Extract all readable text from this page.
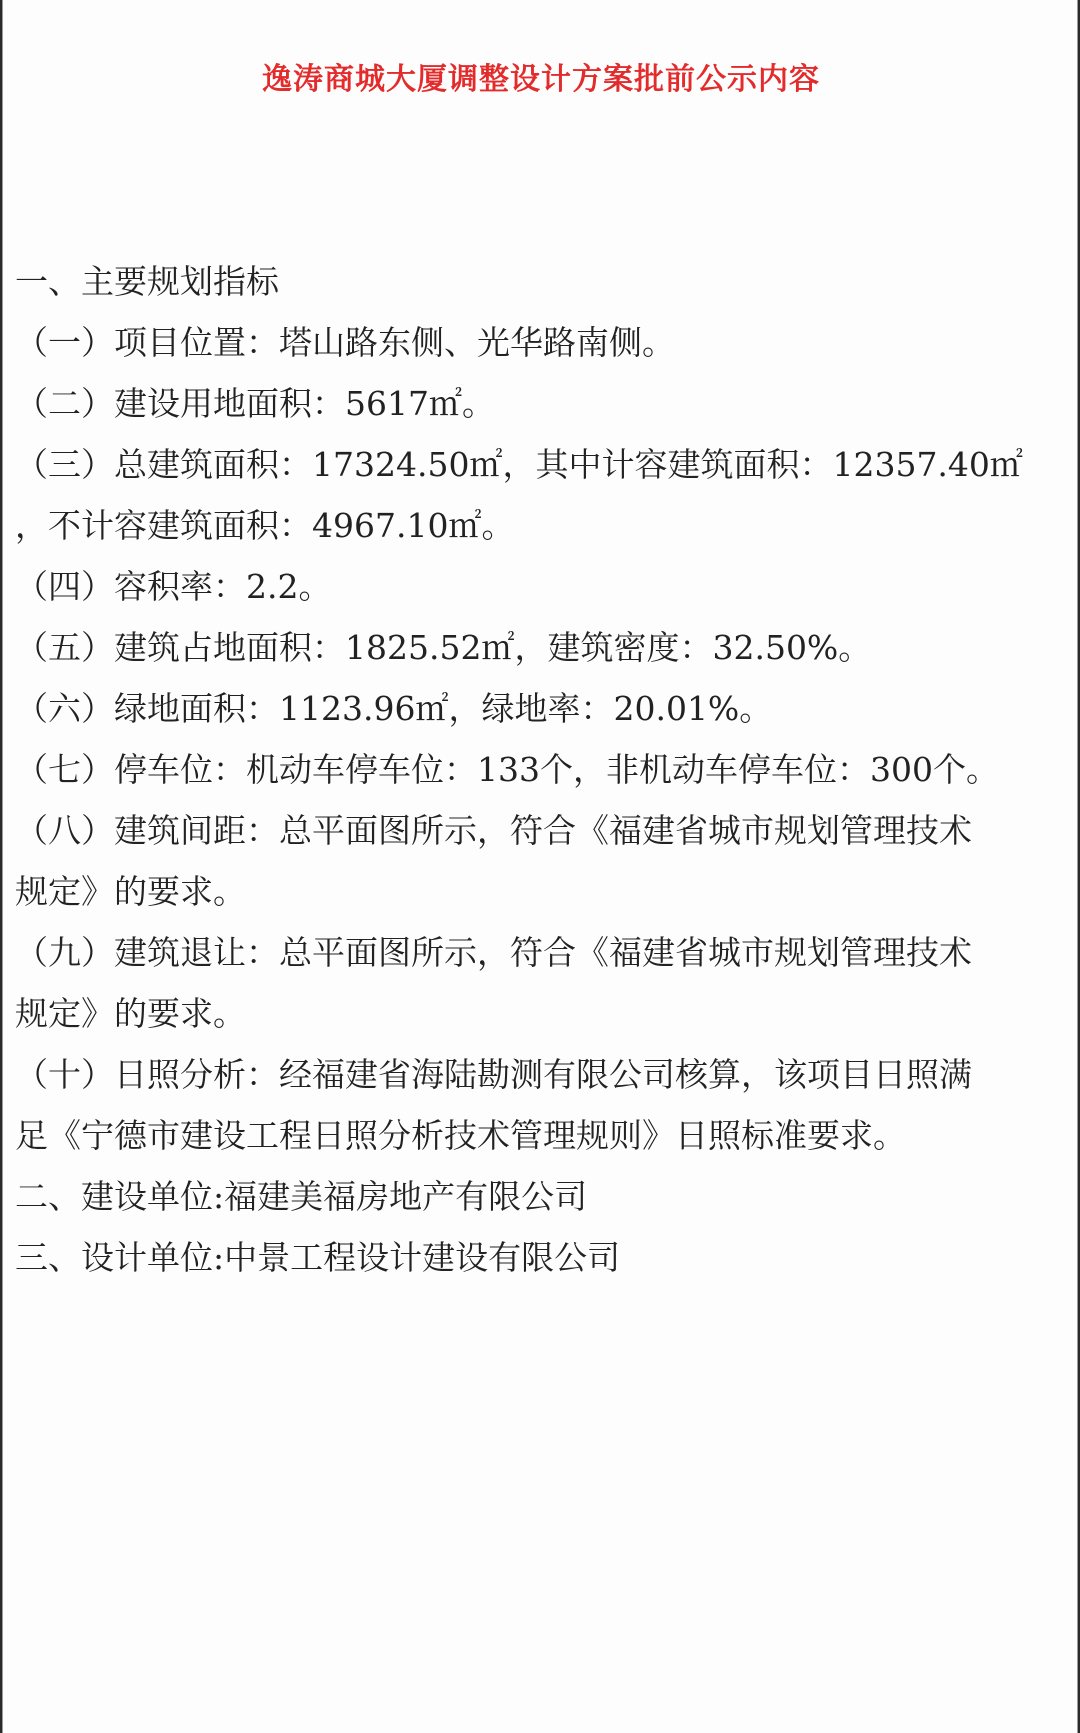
逸涛商城大厦调整设计方案批前公示内容
一、主要规划指标
（一）项目位置：塔山路东侧、光华路南侧。
（二）建设用地面积：5617㎡。
（三）总建筑面积：17324.50㎡，其中计容建筑面积：12357.40㎡
，不计容建筑面积：4967.10㎡。
（四）容积率：2.2。
（五）建筑占地面积：1825.52㎡，建筑密度：32.50%。
（六）绿地面积：1123.96㎡，绿地率：20.01%。
（七）停车位：机动车停车位：133个，非机动车停车位：300个。
（八）建筑间距：总平面图所示，符合《福建省城市规划管理技术
规定》的要求。
（九）建筑退让：总平面图所示，符合《福建省城市规划管理技术
规定》的要求。
（十）日照分析：经福建省海陆勘测有限公司核算，该项目日照满
足《宁德市建设工程日照分析技术管理规则》日照标准要求。
二、建设单位:福建美福房地产有限公司
三、设计单位:中景工程设计建设有限公司
